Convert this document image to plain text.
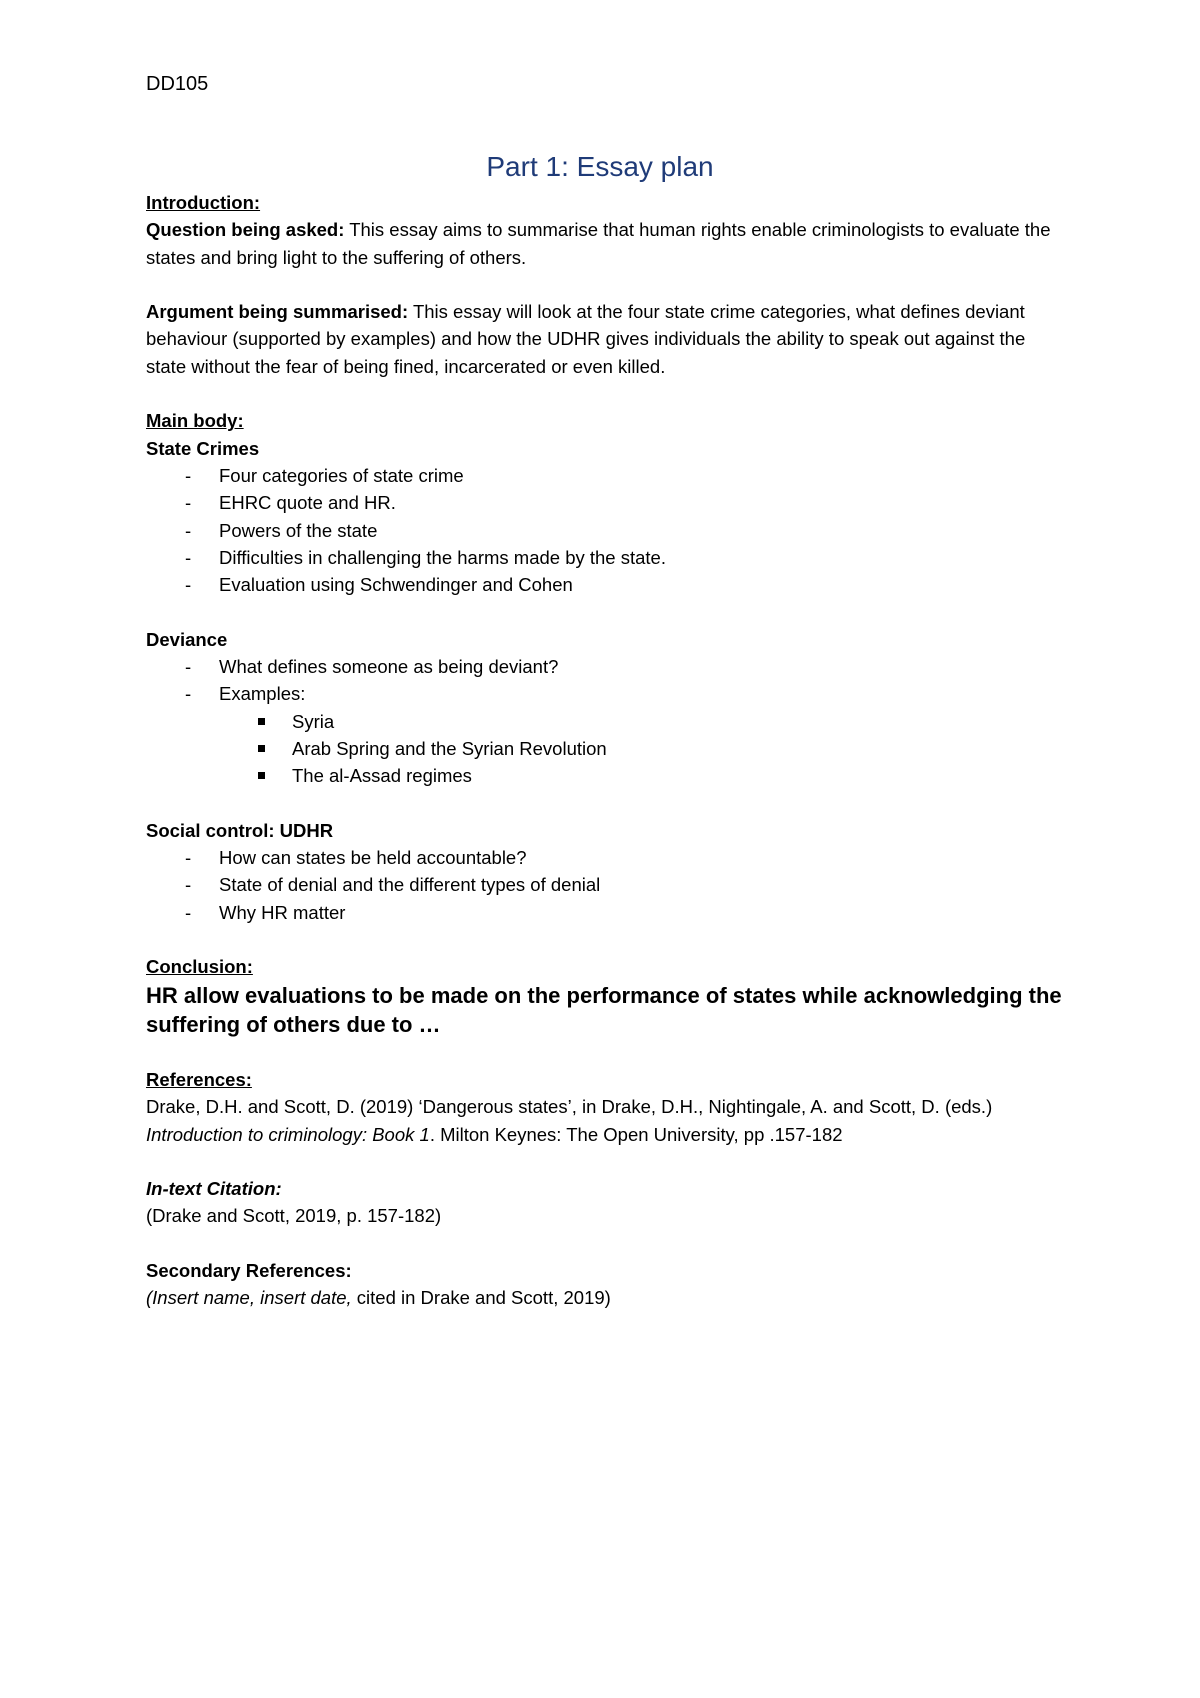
DD105
Part 1: Essay plan

Introduction:

Question being asked: This essay aims to summarise that human rights enable criminologists to evaluate the states and bring light to the suffering of others.

Argument being summarised: This essay will look at the four state crime categories, what defines deviant behaviour (supported by examples) and how the UDHR gives individuals the ability to speak out against the state without the fear of being fined, incarcerated or even killed.

Main body:

State Crimes

- Four categories of state crime
- EHRC quote and HR.
- Powers of the state
- Difficulties in challenging the harms made by the state.
- Evaluation using Schwendinger and Cohen

Deviance

- What defines someone as being deviant?
- Examples:
Syria
Arab Spring and the Syrian Revolution
The al-Assad regimes

Social control: UDHR

- How can states be held accountable?
- State of denial and the different types of denial
- Why HR matter

Conclusion:

HR allow evaluations to be made on the performance of states while acknowledging the suffering of others due to …

References:

Drake, D.H. and Scott, D. (2019) ‘Dangerous states’, in Drake, D.H., Nightingale, A. and Scott, D. (eds.) Introduction to criminology: Book 1. Milton Keynes: The Open University, pp .157-182

In-text Citation:

(Drake and Scott, 2019, p. 157-182)

Secondary References:

(Insert name, insert date, cited in Drake and Scott, 2019)
